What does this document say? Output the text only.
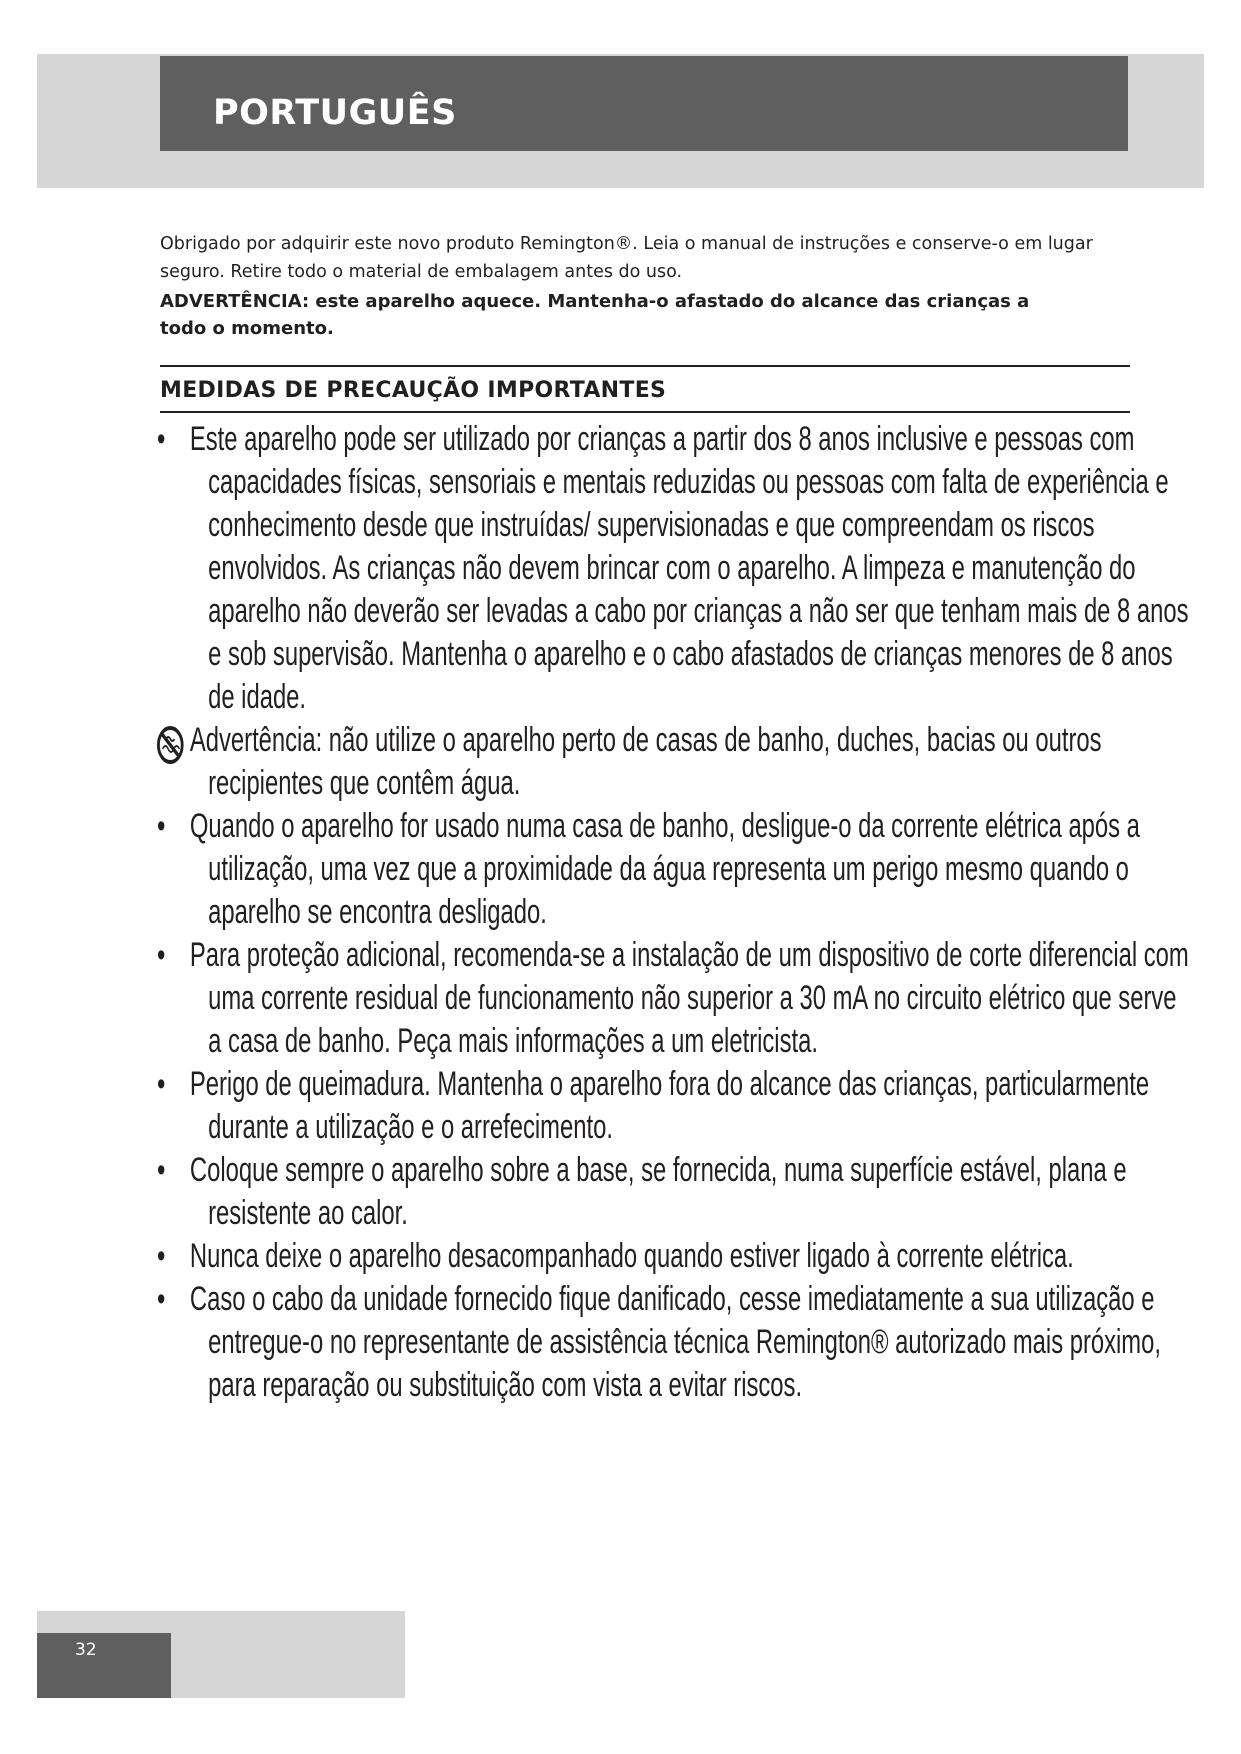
PORTUGUÊS

Obrigado por adquirir este novo produto Remington®. Leia o manual de instruções e conserve-o em lugar seguro. Retire todo o material de embalagem antes do uso.

ADVERTÊNCIA: este aparelho aquece. Mantenha-o afastado do alcance das crianças a todo o momento.

MEDIDAS DE PRECAUÇÃO IMPORTANTES
• Este aparelho pode ser utilizado por crianças a partir dos 8 anos inclusive e pessoas com capacidades físicas, sensoriais e mentais reduzidas ou pessoas com falta de experiência e conhecimento desde que instruídas/ supervisionadas e que compreendam os riscos envolvidos. As crianças não devem brincar com o aparelho. A limpeza e manutenção do aparelho não deverão ser levadas a cabo por crianças a não ser que tenham mais de 8 anos e sob supervisão. Mantenha o aparelho e o cabo afastados de crianças menores de 8 anos de idade.
Advertência: não utilize o aparelho perto de casas de banho, duches, bacias ou outros recipientes que contêm água.
• Quando o aparelho for usado numa casa de banho, desligue-o da corrente elétrica após a utilização, uma vez que a proximidade da água representa um perigo mesmo quando o aparelho se encontra desligado.
• Para proteção adicional, recomenda-se a instalação de um dispositivo de corte diferencial com uma corrente residual de funcionamento não superior a 30 mA no circuito elétrico que serve a casa de banho. Peça mais informações a um eletricista.
• Perigo de queimadura. Mantenha o aparelho fora do alcance das crianças, particularmente durante a utilização e o arrefecimento.
• Coloque sempre o aparelho sobre a base, se fornecida, numa superfície estável, plana e resistente ao calor.
• Nunca deixe o aparelho desacompanhado quando estiver ligado à corrente elétrica.
• Caso o cabo da unidade fornecido fique danificado, cesse imediatamente a sua utilização e entregue-o no representante de assistência técnica Remington® autorizado mais próximo, para reparação ou substituição com vista a evitar riscos.

32
